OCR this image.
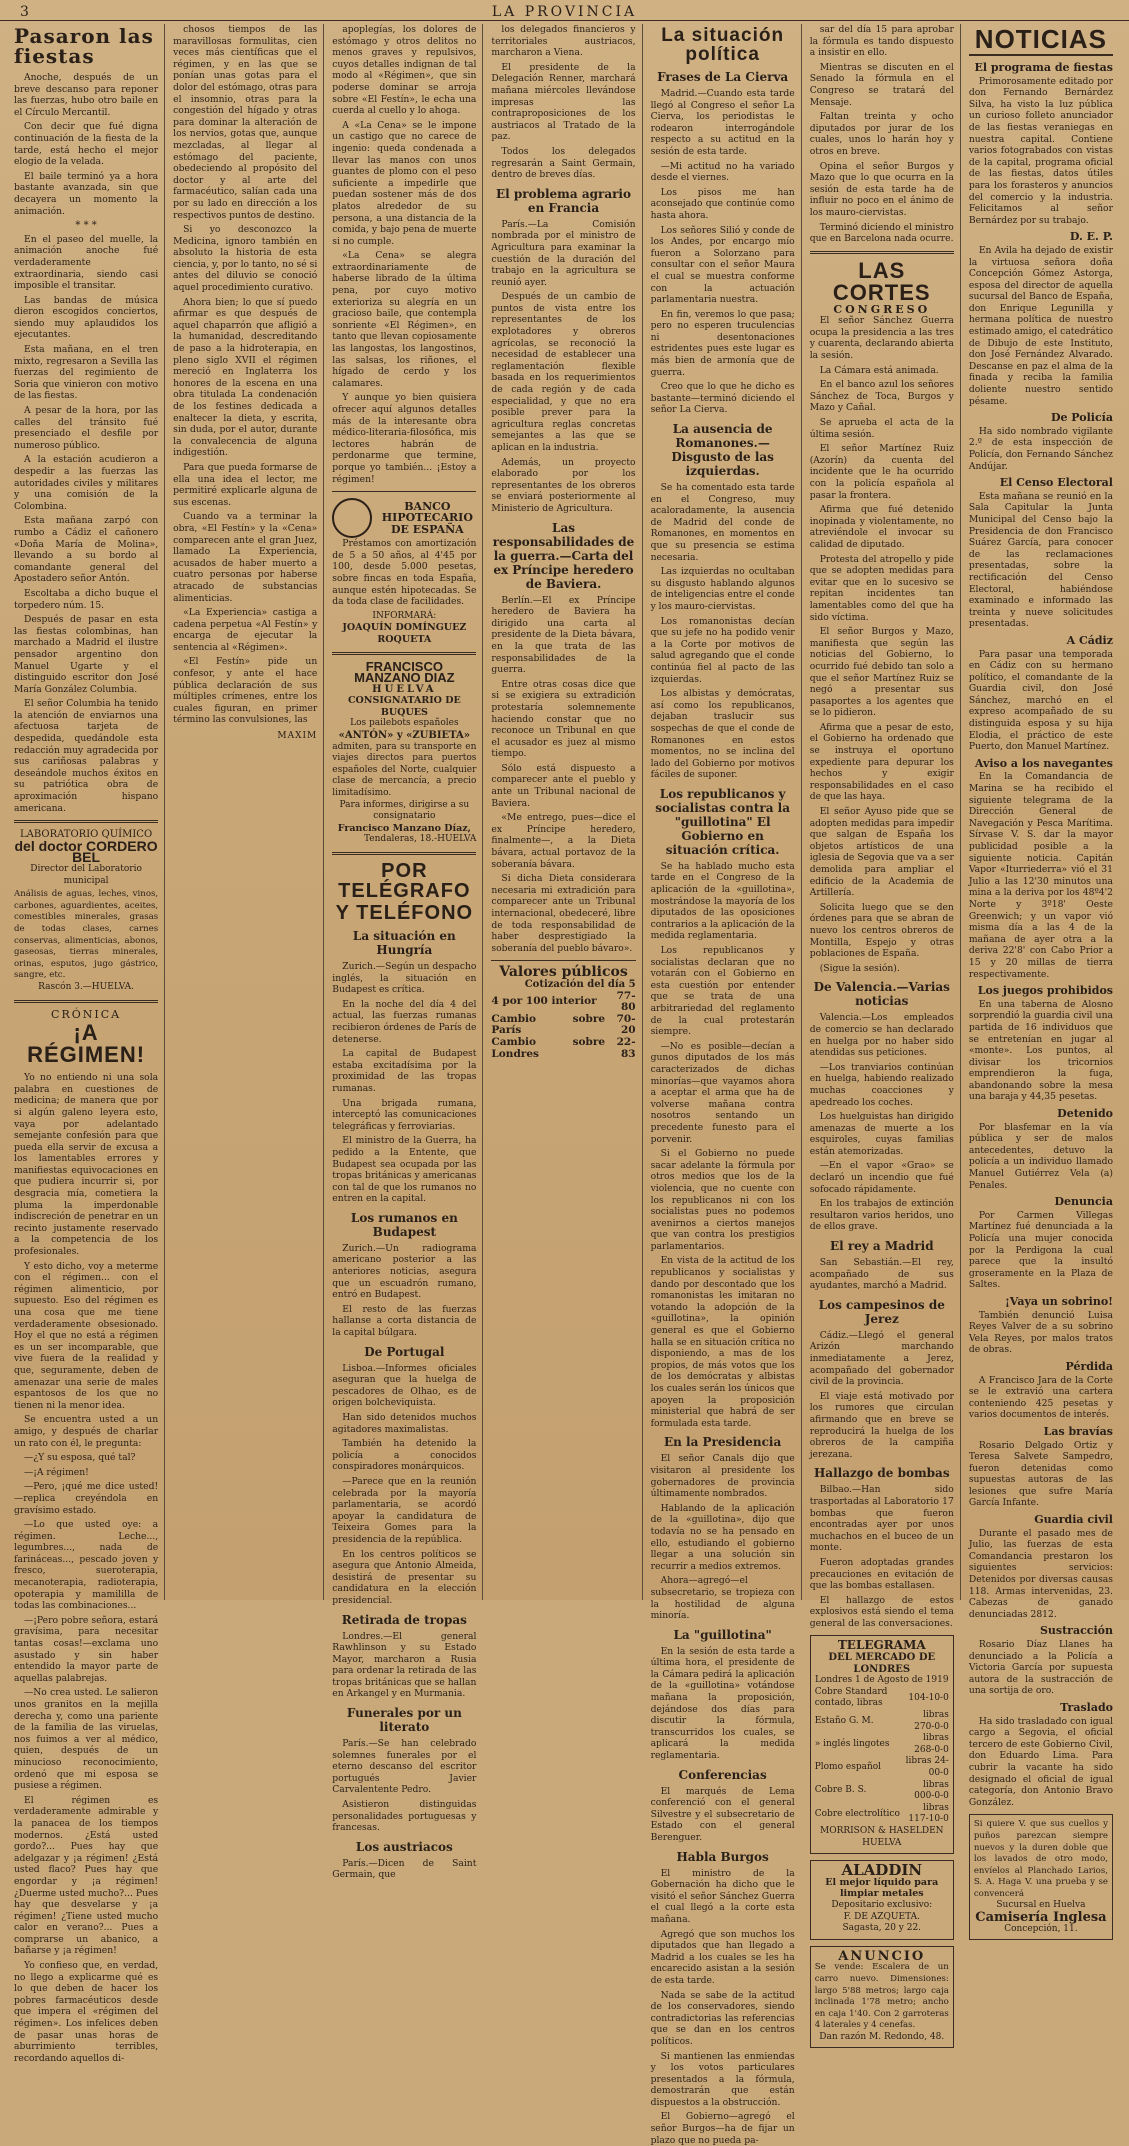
3	LA PROVINCIA
Pasaron las fiestas

Anoche, después de un breve descanso para reponer las fuerzas, hubo otro baile en el Círculo Mercantil.

Con decir que fué digna continuación de la fiesta de la tarde, está hecho el mejor elogio de la velada.

El baile terminó ya a hora bastante avanzada, sin que decayera un momento la animación.

* * *

En el paseo del muelle, la animación anoche fué verdaderamente extraordinaria, siendo casi imposible el transitar.

Las bandas de música dieron escogidos conciertos, siendo muy aplaudidos los ejecutantes.

Esta mañana, en el tren mixto, regresaron a Sevilla las fuerzas del regimiento de Soria que vinieron con motivo de las fiestas.

A pesar de la hora, por las calles del tránsito fué presenciado el desfile por numeroso público.

A la estación acudieron a despedir a las fuerzas las autoridades civiles y militares y una comisión de la Colombina.

Esta mañana zarpó con rumbo a Cádiz el cañonero «Doña María de Molina», llevando a su bordo al comandante general del Apostadero señor Antón.

Escoltaba a dicho buque el torpedero núm. 15.

Después de pasar en esta las fiestas colombinas, han marchado a Madrid el ilustre pensador argentino don Manuel Ugarte y el distinguido escritor don José María González Columbia.

El señor Columbia ha tenido la atención de enviarnos una afectuosa tarjeta de despedida, quedándole esta redacción muy agradecida por sus cariñosas palabras y deseándole muchos éxitos en su patriótica obra de aproximación hispano americana.

LABORATORIO QUÍMICO
del doctor CORDERO BEL
Director del Laboratorio municipal
Análisis de aguas, leches, vinos, carbones, aguardientes, aceites, comestibles minerales, grasas de todas clases, carnes conservas, alimenticias, abonos, gaseosas, tierras minerales, orinas, esputos, jugo gástrico, sangre, etc.
Rascón 3.—HUELVA.
CRÓNICA
¡A RÉGIMEN!

Yo no entiendo ni una sola palabra en cuestiones de medicina; de manera que por si algún galeno leyera esto, vaya por adelantado semejante confesión para que pueda ella servir de excusa a los lamentables errores y manifiestas equivocaciones en que pudiera incurrir si, por desgracia mía, cometiera la pluma la imperdonable indiscreción de penetrar en un recinto justamente reservado a la competencia de los profesionales.

Y esto dicho, voy a meterme con el régimen... con el régimen alimenticio, por supuesto. Eso del régimen es una cosa que me tiene verdaderamente obsesionado. Hoy el que no está a régimen es un ser incomparable, que vive fuera de la realidad y que, seguramente, deben de amenazar una serie de males espantosos de los que no tienen ni la menor idea.

Se encuentra usted a un amigo, y después de charlar un rato con él, le pregunta:

—¿Y su esposa, qué tal?

—¡A régimen!

—Pero, ¡qué me dice usted!—replica creyéndola en gravísimo estado.

—Lo que usted oye: a régimen. Leche..., legumbres..., nada de farináceas..., pescado joven y fresco, sueroterapia, mecanoterapia, radioterapia, opoterapia y mamililla de todas las combinaciones...

—¡Pero pobre señora, estará gravísima, para necesitar tantas cosas!—exclama uno asustado y sin haber entendido la mayor parte de aquellas palabrejas.

—No crea usted. Le salieron unos granitos en la mejilla derecha y, como una pariente de la familia de las viruelas, nos fuimos a ver al médico, quien, después de un minucioso reconocimiento, ordenó que mi esposa se pusiese a régimen.

El régimen es verdaderamente admirable y la panacea de los tiempos modernos. ¿Está usted gordo?... Pues hay que adelgazar y ¡a régimen! ¿Está usted flaco? Pues hay que engordar y ¡a régimen! ¿Duerme usted mucho?... Pues hay que desvelarse y ¡a régimen! ¿Tiene usted mucho calor en verano?... Pues a comprarse un abanico, a bañarse y ¡a régimen!

Yo confieso que, en verdad, no llego a explicarme qué es lo que deben de hacer los pobres farmacéuticos desde que impera el «régimen del régimen». Los infelices deben de pasar unas horas de aburrimiento terribles, recordando aquellos di-

chosos tiempos de las maravillosas formulitas, cien veces más científicas que el régimen, y en las que se ponían unas gotas para el dolor del estómago, otras para el insomnio, otras para la congestión del hígado y otras para dominar la alteración de los nervios, gotas que, aunque mezcladas, al llegar al estómago del paciente, obedeciendo al propósito del doctor y al arte del farmacéutico, salían cada una por su lado en dirección a los respectivos puntos de destino.

Si yo desconozco la Medicina, ignoro también en absoluto la historia de esta ciencia, y, por lo tanto, no sé si antes del diluvio se conoció aquel procedimiento curativo.

Ahora bien; lo que sí puedo afirmar es que después de aquel chaparrón que afligió a la humanidad, descreditando de paso a la hidroterapia, en pleno siglo XVII el régimen mereció en Inglaterra los honores de la escena en una obra titulada La condenación de los festines dedicada a enaltecer la dieta, y escrita, sin duda, por el autor, durante la convalecencia de alguna indigestión.

Para que pueda formarse de ella una idea el lector, me permitiré explicarle alguna de sus escenas.

Cuando va a terminar la obra, «El Festín» y la «Cena» comparecen ante el gran Juez, llamado La Experiencia, acusados de haber muerto a cuatro personas por haberse atracado de substancias alimenticias.

«La Experiencia» castiga a cadena perpetua «Al Festín» y encarga de ejecutar la sentencia al «Régimen».

«El Festín» pide un confesor, y ante el hace pública declaración de sus múltiples crímenes, entre los cuales figuran, en primer término las convulsiones, las

MAXIM

apoplegías, los dolores de estómago y otros delitos no menos graves y repulsivos, cuyos detalles indignan de tal modo al «Régimen», que sin poderse dominar se arroja sobre «El Festín», le echa una cuerda al cuello y lo ahoga.

A «La Cena» se le impone un castigo que no carece de ingenio: queda condenada a llevar las manos con unos guantes de plomo con el peso suficiente a impedirle que puedan sostener más de dos platos alrededor de su persona, a una distancia de la comida, y bajo pena de muerte si no cumple.

«La Cena» se alegra extraordinariamente de haberse librado de la última pena, por cuyo motivo exterioriza su alegría en un gracioso baile, que contempla sonriente «El Régimen», en tanto que llevan copiosamente las langostas, los langostinos, las salsas, los riñones, el hígado de cerdo y los calamares.

Y aunque yo bien quisiera ofrecer aquí algunos detalles más de la interesante obra médico-literaria-filosófica, mis lectores habrán de perdonarme que termine, porque yo también... ¡Estoy a régimen!

BANCO
HIPOTECARIO
DE ESPAÑA

Préstamos con amortización de 5 a 50 años, al 4'45 por 100, desde 5.000 pesetas, sobre fincas en toda España, aunque estén hipotecadas. Se da toda clase de facilidades.

INFORMARÁ:
JOAQUÍN DOMÍNGUEZ ROQUETA
FRANCISCO MANZANO DIAZ
HUELVA
CONSIGNATARIO DE BUQUES
Los pailebots españoles
«ANTÓN» y «ZUBIETA»
admiten, para su transporte en viajes directos para puertos españoles del Norte, cualquier clase de mercancía, a precio limitadísimo.
Para informes, dirigirse a su consignatario
Francisco Manzano Díaz,
Tendaleras, 18.-HUELVA
POR TELÉGRAFO
Y TELÉFONO
La situación en Hungría

Zurich.—Según un despacho inglés, la situación en Budapest es crítica.

En la noche del día 4 del actual, las fuerzas rumanas recibieron órdenes de París de detenerse.

La capital de Budapest estaba excitadísima por la proximidad de las tropas rumanas.

Una brigada rumana, interceptó las comunicaciones telegráficas y ferroviarias.

El ministro de la Guerra, ha pedido a la Entente, que Budapest sea ocupada por las tropas británicas y americanas con tal de que los rumanos no entren en la capital.

Los rumanos en Budapest

Zurich.—Un radiograma americano posterior a las anteriores noticias, asegura que un escuadrón rumano, entró en Budapest.

El resto de las fuerzas hallanse a corta distancia de la capital búlgara.

De Portugal

Lisboa.—Informes oficiales aseguran que la huelga de pescadores de Olhao, es de origen bolcheviquista.

Han sido detenidos muchos agitadores maximalistas.

También ha detenido la policía a conocidos conspiradores monárquicos.

—Parece que en la reunión celebrada por la mayoría parlamentaria, se acordó apoyar la candidatura de Teixeira Gomes para la presidencia de la república.

En los centros políticos se asegura que Antonio Almeida, desistirá de presentar su candidatura en la elección presidencial.

Retirada de tropas

Londres.—El general Rawhlinson y su Estado Mayor, marcharon a Rusia para ordenar la retirada de las tropas británicas que se hallan en Arkangel y en Murmania.

Funerales por un literato

París.—Se han celebrado solemnes funerales por el eterno descanso del escritor portugués Javier Carvalentente Pedro.

Asistieron distinguidas personalidades portuguesas y francesas.

Los austriacos

París.—Dicen de Saint Germain, que

los delegados financieros y territoriales austriacos, marcharon a Viena.

El presidente de la Delegación Renner, marchará mañana miércoles llevándose impresas las contraproposiciones de los austriacos al Tratado de la paz.

Todos los delegados regresarán a Saint Germain, dentro de breves días.

El problema agrario en Francia

París.—La Comisión nombrada por el ministro de Agricultura para examinar la cuestión de la duración del trabajo en la agricultura se reunió ayer.

Después de un cambio de puntos de vista entre los representantes de los explotadores y obreros agrícolas, se reconoció la necesidad de establecer una reglamentación flexible basada en los requerimientos de cada región y de cada especialidad, y que no era posible prever para la agricultura reglas concretas semejantes a las que se aplican en la industria.

Además, un proyecto elaborado por los representantes de los obreros se enviará posteriormente al Ministerio de Agricultura.

Las responsabilidades de la guerra.—Carta del ex Príncipe heredero de Baviera.

Berlín.—El ex Príncipe heredero de Baviera ha dirigido una carta al presidente de la Dieta bávara, en la que trata de las responsabilidades de la guerra.

Entre otras cosas dice que si se exigiera su extradición protestaría solemnemente haciendo constar que no reconoce un Tribunal en que el acusador es juez al mismo tiempo.

Sólo está dispuesto a comparecer ante el pueblo y ante un Tribunal nacional de Baviera.

«Me entrego, pues—dice el ex Príncipe heredero, finalmente—, a la Dieta bávara, actual portavoz de la soberanía bávara.

Si dicha Dieta considerara necesaria mi extradición para comparecer ante un Tribunal internacional, obedeceré, libre de toda responsabilidad de haber desprestigiado la soberanía del pueblo bávaro».

Valores públicos
Cotización del día 5
4 por 100 interior	77-80
Cambio sobre París	70-20
Cambio sobre Londres	22-83
La situación política
Frases de La Cierva

Madrid.—Cuando esta tarde llegó al Congreso el señor La Cierva, los periodistas le rodearon interrogándole respecto a su actitud en la sesión de esta tarde.

—Mi actitud no ha variado desde el viernes.

Los pisos me han aconsejado que continúe como hasta ahora.

Los señores Silió y conde de los Andes, por encargo mío fueron a Solorzano para consultar con el señor Maura el cual se muestra conforme con la actuación parlamentaria nuestra.

En fin, veremos lo que pasa; pero no esperen truculencias ni desentonaciones estridentes pues este lugar es más bien de armonía que de guerra.

Creo que lo que he dicho es bastante—terminó diciendo el señor La Cierva.

La ausencia de Romanones.—Disgusto de las izquierdas.

Se ha comentado esta tarde en el Congreso, muy acaloradamente, la ausencia de Madrid del conde de Romanones, en momentos en que su presencia se estima necesaria.

Las izquierdas no ocultaban su disgusto hablando algunos de inteligencias entre el conde y los mauro-ciervistas.

Los romanonistas decían que su jefe no ha podido venir a la Corte por motivos de salud agregando que el conde continúa fiel al pacto de las izquierdas.

Los albistas y demócratas, así como los republicanos, dejaban traslucir sus sospechas de que el conde de Romanones en estos momentos, no se inclina del lado del Gobierno por motivos fáciles de suponer.

Los republicanos y socialistas contra la "guillotina" El Gobierno en situación crítica.

Se ha hablado mucho esta tarde en el Congreso de la aplicación de la «guillotina», mostrándose la mayoría de los diputados de las oposiciones contrarios a la aplicación de la medida reglamentaria.

Los republicanos y socialistas declaran que no votarán con el Gobierno en esta cuestión por entender que se trata de una arbitrariedad del reglamento de la cual protestarán siempre.

—No es posible—decían a gunos diputados de los más caracterizados de dichas minorías—que vayamos ahora a aceptar el arma que ha de volverse mañana contra nosotros sentando un precedente funesto para el porvenir.

Si el Gobierno no puede sacar adelante la fórmula por otros medios que los de la violencia, que no cuente con los republicanos ni con los socialistas pues no podemos avenirnos a ciertos manejos que van contra los prestigios parlamentarios.

En vista de la actitud de los republicanos y socialistas y dando por descontado que los romanonistas les imitaran no votando la adopción de la «guillotina», la opinión general es que el Gobierno halla se en situación crítica no disponiendo, a mas de los propios, de más votos que los de los demócratas y albistas los cuales serán los únicos que apoyen la proposición ministerial que habrá de ser formulada esta tarde.

En la Presidencia

El señor Canals dijo que visitaron al presidente los gobernadores de provincia últimamente nombrados.

Hablando de la aplicación de la «guillotina», dijo que todavía no se ha pensado en ello, estudiando el gobierno llegar a una solución sin recurrir a medios extremos.

Ahora—agregó—el subsecretario, se tropieza con la hostilidad de alguna minoría.

La "guillotina"

En la sesión de esta tarde a última hora, el presidente de la Cámara pedirá la aplicación de la «guillotina» votándose mañana la proposición, dejándose dos días para discutir la fórmula, transcurridos los cuales, se aplicará la medida reglamentaria.

Conferencias

El marqués de Lema conferenció con el general Silvestre y el subsecretario de Estado con el general Berenguer.

Habla Burgos

El ministro de la Gobernación ha dicho que le visitó el señor Sánchez Guerra el cual llegó a la corte esta mañana.

Agregó que son muchos los diputados que han llegado a Madrid a los cuales se les ha encarecido asistan a la sesión de esta tarde.

Nada se sabe de la actitud de los conservadores, siendo contradictorias las referencias que se dan en los centros políticos.

Si mantienen las enmiendas y los votos particulares presentados a la fórmula, demostrarán que están dispuestos a la obstrucción.

El Gobierno—agregó el señor Burgos—ha de fijar un plazo que no pueda pa-

sar del día 15 para aprobar la fórmula es tando dispuesto a insistir en ello.

Mientras se discuten en el Senado la fórmula en el Congreso se tratará del Mensaje.

Faltan treinta y ocho diputados por jurar de los cuales, unos lo harán hoy y otros en breve.

Opina el señor Burgos y Mazo que lo que ocurra en la sesión de esta tarde ha de influir no poco en el ánimo de los mauro-ciervistas.

Terminó diciendo el ministro que en Barcelona nada ocurre.

LAS CORTES
CONGRESO

El señor Sánchez Guerra ocupa la presidencia a las tres y cuarenta, declarando abierta la sesión.

La Cámara está animada.

En el banco azul los señores Sánchez de Toca, Burgos y Mazo y Cañal.

Se aprueba el acta de la última sesión.

El señor Martínez Ruiz (Azorín) da cuenta del incidente que le ha ocurrido con la policía española al pasar la frontera.

Afirma que fué detenido inopinada y violentamente, no atreviéndole el invocar su calidad de diputado.

Protesta del atropello y pide que se adopten medidas para evitar que en lo sucesivo se repitan incidentes tan lamentables como del que ha sido víctima.

El señor Burgos y Mazo, manifiesta que según las noticias del Gobierno, lo ocurrido fué debido tan solo a que el señor Martínez Ruiz se negó a presentar sus pasaportes a los agentes que se lo pidieron.

Afirma que a pesar de esto, el Gobierno ha ordenado que se instruya el oportuno expediente para depurar los hechos y exigir responsabilidades en el caso de que las haya.

El señor Ayuso pide que se adopten medidas para impedir que salgan de España los objetos artísticos de una iglesia de Segovia que va a ser demolida para ampliar el edificio de la Academia de Artillería.

Solicita luego que se den órdenes para que se abran de nuevo los centros obreros de Montilla, Espejo y otras poblaciones de España.

(Sigue la sesión).

De Valencia.—Varias noticias

Valencia.—Los empleados de comercio se han declarado en huelga por no haber sido atendidas sus peticiones.

—Los tranviarios continúan en huelga, habiendo realizado muchas coacciones y apedreado los coches.

Los huelguistas han dirigido amenazas de muerte a los esquiroles, cuyas familias están atemorizadas.

—En el vapor «Grao» se declaró un incendio que fué sofocado rápidamente.

En los trabajos de extinción resultaron varios heridos, uno de ellos grave.

El rey a Madrid

San Sebastián.—El rey, acompañado de sus ayudantes, marchó a Madrid.

Los campesinos de Jerez

Cádiz.—Llegó el general Arizón marchando inmediatamente a Jerez, acompañado del gobernador civil de la provincia.

El viaje está motivado por los rumores que circulan afirmando que en breve se reproducirá la huelga de los obreros de la campiña jerezana.

Hallazgo de bombas

Bilbao.—Han sido trasportadas al Laboratorio 17 bombas que fueron encontradas ayer por unos muchachos en el buceo de un monte.

Fueron adoptadas grandes precauciones en evitación de que las bombas estallasen.

El hallazgo de estos explosivos está siendo el tema general de las conversaciones.

TELEGRAMA
DEL MERCADO DE LONDRES
Londres 1 de Agosto de 1919
Cobre Standard contado, libras	104-10-0
Estaño G. M.	libras 270-0-0
» inglés lingotes	libras 268-0-0
Plomo español	libras 24-00-0
Cobre B. S.	libras 000-0-0
Cobre electrolítico	libras 117-10-0
MORRISON & HASELDEN
HUELVA
ALADDIN
El mejor líquido para limpiar metales
Depositario exclusivo:
F. DE AZQUETA.
Sagasta, 20 y 22.
ANUNCIO
Se vende: Escalera de un carro nuevo. Dimensiones: largo 5'88 metros; largo caja inclinada 1'78 metro; ancho en caja 1'40. Con 2 garroteras 4 laterales y 4 cenefas.
Dan razón M. Redondo, 48.
NOTICIAS
El programa de fiestas

Primorosamente editado por don Fernando Bernárdez Silva, ha visto la luz pública un curioso folleto anunciador de las fiestas veraniegas en nuestra capital. Contiene varios fotograbados con vistas de la capital, programa oficial de las fiestas, datos útiles para los forasteros y anuncios del comercio y la industria. Felicitamos al señor Bernárdez por su trabajo.

D. E. P.

En Avila ha dejado de existir la virtuosa señora doña Concepción Gómez Astorga, esposa del director de aquella sucursal del Banco de España, don Enrique Legunilla y hermana política de nuestro estimado amigo, el catedrático de Dibujo de este Instituto, don José Fernández Alvarado. Descanse en paz el alma de la finada y reciba la familia doliente nuestro sentido pésame.

De Policía

Ha sido nombrado vigilante 2.º de esta inspección de Policía, don Fernando Sánchez Andújar.

El Censo Electoral

Esta mañana se reunió en la Sala Capitular la Junta Municipal del Censo bajo la Presidencia de don Francisco Suárez García, para conocer de las reclamaciones presentadas, sobre la rectificación del Censo Electoral, habiéndose examinado e informado las treinta y nueve solicitudes presentadas.

A Cádiz

Para pasar una temporada en Cádiz con su hermano político, el comandante de la Guardia civil, don José Sánchez, marchó en el expreso acompañado de su distinguida esposa y su hija Elodia, el práctico de este Puerto, don Manuel Martínez.

Aviso a los navegantes

En la Comandancia de Marina se ha recibido el siguiente telegrama de la Dirección General de Navegación y Pesca Marítima. Sírvase V. S. dar la mayor publicidad posible a la siguiente noticia. Capitán Vapor «Iturriederra» vió el 31 Julio a las 12'30 minutos una mina a la deriva por los 48º4'2 Norte y 3º18' Oeste Greenwich; y un vapor vió misma día a las 4 de la mañana de ayer otra a la deriva 22'8' con Cabo Prior a 15 y 20 millas de tierra respectivamente.

Los juegos prohibidos

En una taberna de Alosno sorprendió la guardia civil una partida de 16 individuos que se entretenían en jugar al «monte». Los puntos, al divisar los tricornios emprendieron la fuga, abandonando sobre la mesa una baraja y 44,35 pesetas.

Detenido

Por blasfemar en la vía pública y ser de malos antecedentes, detuvo la policía a un individuo llamado Manuel Gutiérrez Vela (a) Penales.

Denuncia

Por Carmen Villegas Martínez fué denunciada a la Policía una mujer conocida por la Perdigona la cual parece que la insultó groseramente en la Plaza de Saltes.

¡Vaya un sobrino!

También denunció Luisa Reyes Valver de a su sobrino Vela Reyes, por malos tratos de obras.

Pérdida

A Francisco Jara de la Corte se le extravió una cartera conteniendo 425 pesetas y varios documentos de interés.

Las bravías

Rosario Delgado Ortiz y Teresa Salvete Sampedro, fueron detenidas como supuestas autoras de las lesiones que sufre María García Infante.

Guardia civil

Durante el pasado mes de Julio, las fuerzas de esta Comandancia prestaron los siguientes servicios: Detenidos por diversas causas 118. Armas intervenidas, 23. Cabezas de ganado denunciadas 2812.

Sustracción

Rosario Díaz Llanes ha denunciado a la Policía a Victoria García por supuesta autora de la sustracción de una sortija de oro.

Traslado

Ha sido trasladado con igual cargo a Segovia, el oficial tercero de este Gobierno Civil, don Eduardo Lima. Para cubrir la vacante ha sido designado el oficial de igual categoría, don Antonio Bravo González.

Si quiere V. que sus cuellos y puños parezcan siempre nuevos y la duren doble que los lavados de otro modo, envíelos al Planchado Larios, S. A. Haga V. una prueba y se convencerá
Sucursal en Huelva
Camisería Inglesa
Concepción, 11.
